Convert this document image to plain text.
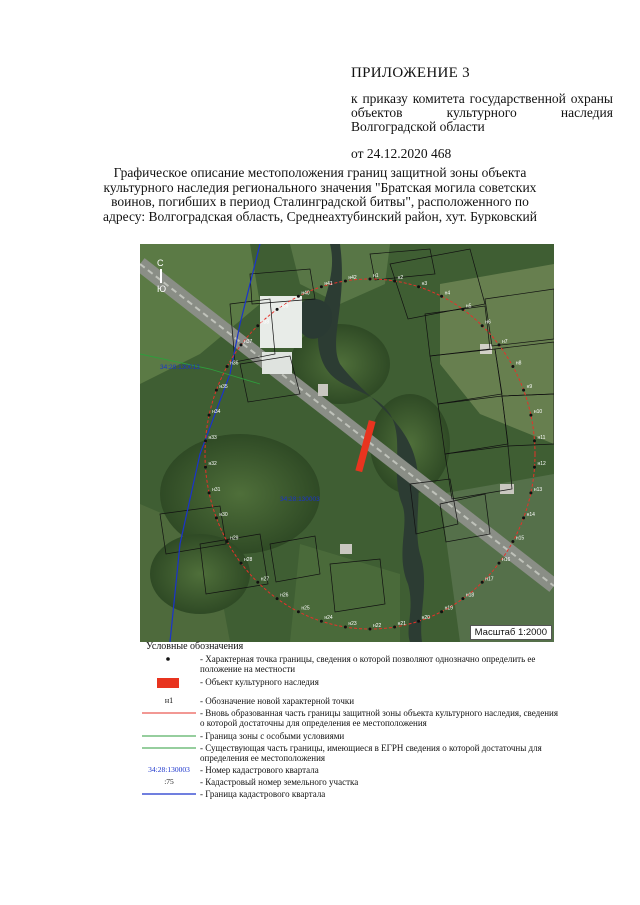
ПРИЛОЖЕНИЕ 3
к приказу комитета государственной охраны объектов культурного наследия Волгоградской области
от 24.12.2020 468
Графическое описание местоположения границ защитной зоны объекта культурного наследия регионального значения "Братская могила советских воинов, погибших в период Сталинградской битвы", расположенного по адресу: Волгоградская область, Среднеахтубинский район, хут. Бурковский
н1	н2
н3
н4
н5
н6
н7
н8
н9
н10
н11
н12
н13
н14
н15
н16
н17
н18
н19
н20
н21
н22
н23
н24
н25
н26
н27
н28
н29
н30
н31
н32
н33
н34
н35
н36
н37
н38
н39
н40
н41
н42
С
Ю
34:28:130013
34:28:130003
Масштаб 1:2000
Условные обозначения
- Характерная точка границы, сведения о которой позволяют однозначно определить ее положение на местности
- Объект культурного наследия
н1	- Обозначение новой характерной точки
- Вновь образованная часть границы защитной зоны объекта культурного наследия, сведения о которой достаточны для определения ее местоположения
- Граница зоны с особыми условиями
- Существующая часть границы, имеющиеся в ЕГРН сведения о которой достаточны для определения ее местоположения
34:28:130003	- Номер кадастрового квартала
:75	- Кадастровый номер земельного участка
- Граница кадастрового квартала
